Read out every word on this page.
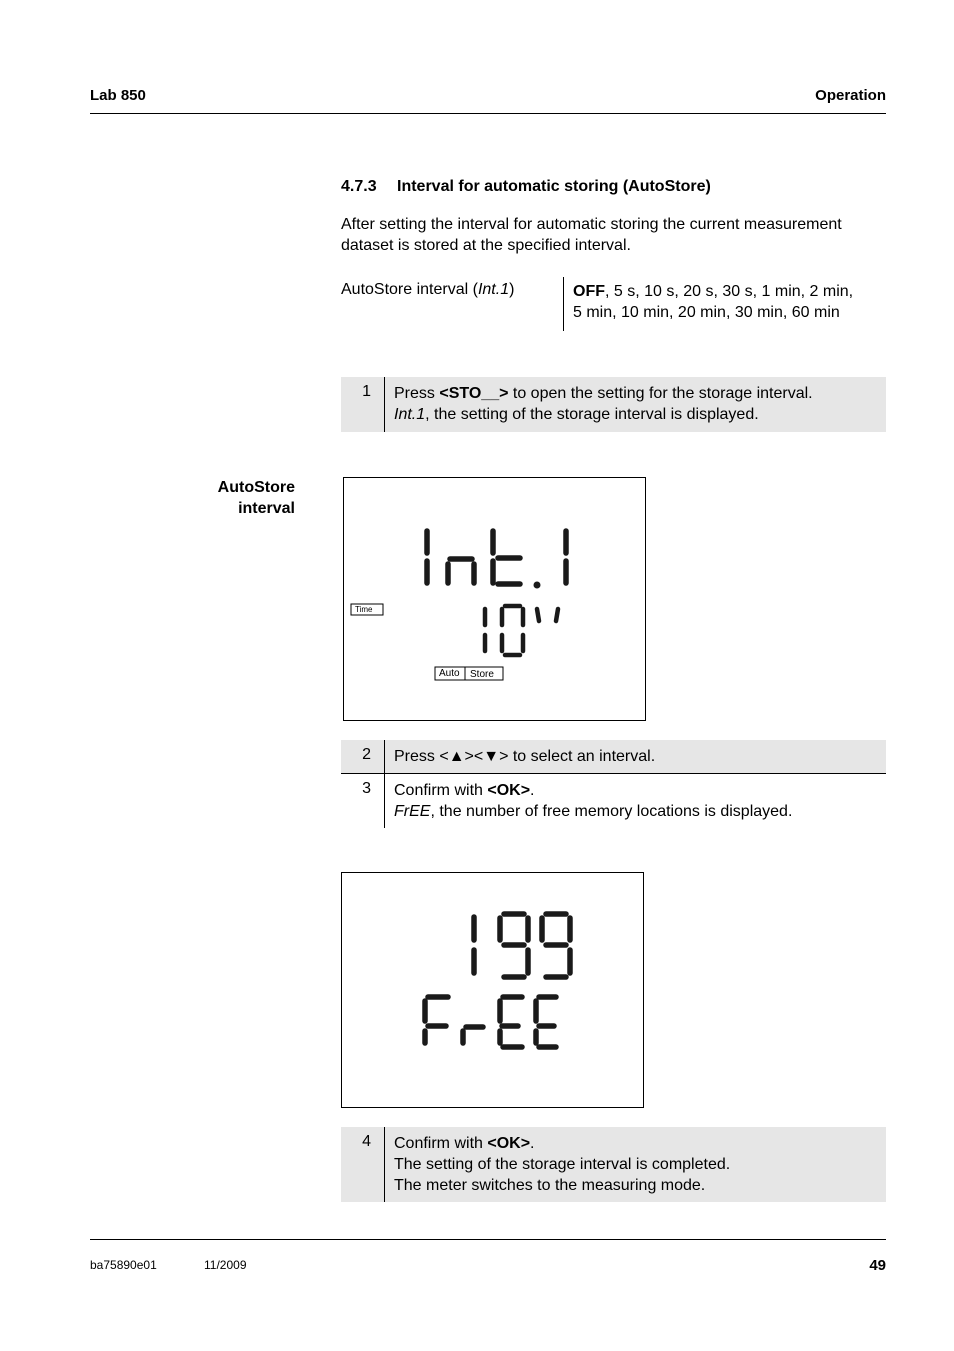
Lab 850	Operation
4.7.3 Interval for automatic storing (AutoStore)
After setting the interval for automatic storing the current measurement dataset is stored at the specified interval.
AutoStore interval (Int.1)	OFF, 5 s, 10 s, 20 s, 30 s, 1 min, 2 min,
5 min, 10 min, 20 min, 30 min, 60 min
1 Press <STO__> to open the setting for the storage interval.
Int.1, the setting of the storage interval is displayed.
AutoStore
interval
Time
Auto Store
2 Press <▲><▼> to select an interval.
3 Confirm with <OK>.
FrEE, the number of free memory locations is displayed.
4 Confirm with <OK>.
The setting of the storage interval is completed.
The meter switches to the measuring mode.
ba75890e01	11/2009	49
